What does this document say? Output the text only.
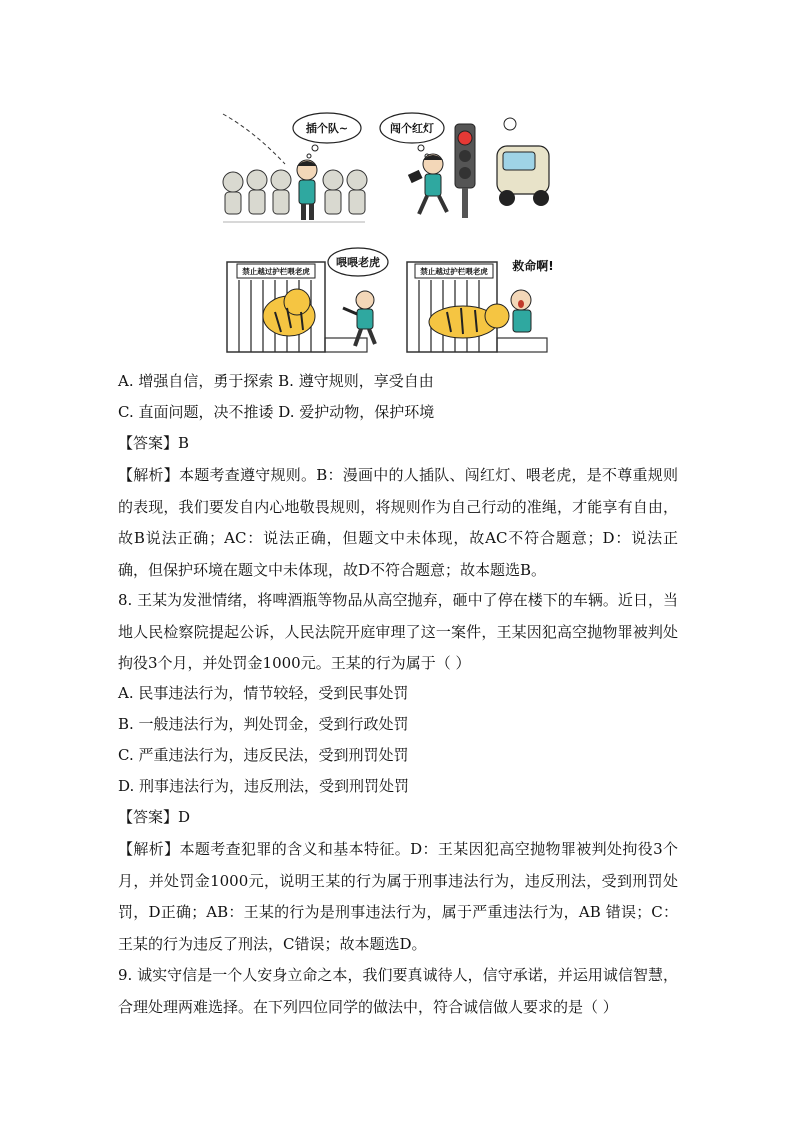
插个队~	闯个红灯
禁止越过护栏喂老虎
喂喂老虎
禁止越过护栏喂老虎 救命啊!
A. 增强自信，勇于探索 B. 遵守规则，享受自由
C. 直面问题，决不推诿 D. 爱护动物，保护环境
【答案】B
【解析】本题考查遵守规则。B：漫画中的人插队、闯红灯、喂老虎，是不尊重规则的表现，我们要发自内心地敬畏规则，将规则作为自己行动的准绳，才能享有自由，故B说法正确；AC：说法正确，但题文中未体现，故AC不符合题意；D：说法正确，但保护环境在题文中未体现，故D不符合题意；故本题选B。
8. 王某为发泄情绪，将啤酒瓶等物品从高空抛弃，砸中了停在楼下的车辆。近日，当地人民检察院提起公诉，人民法院开庭审理了这一案件，王某因犯高空抛物罪被判处拘役3个月，并处罚金1000元。王某的行为属于（ ）
A. 民事违法行为，情节较轻，受到民事处罚
B. 一般违法行为，判处罚金，受到行政处罚
C. 严重违法行为，违反民法，受到刑罚处罚
D. 刑事违法行为，违反刑法，受到刑罚处罚
【答案】D
【解析】本题考查犯罪的含义和基本特征。D：王某因犯高空抛物罪被判处拘役3个月，并处罚金1000元，说明王某的行为属于刑事违法行为，违反刑法，受到刑罚处罚，D正确；AB：王某的行为是刑事违法行为，属于严重违法行为，AB 错误；C：王某的行为违反了刑法，C错误；故本题选D。
9. 诚实守信是一个人安身立命之本，我们要真诚待人，信守承诺，并运用诚信智慧，合理处理两难选择。在下列四位同学的做法中，符合诚信做人要求的是（ ）
